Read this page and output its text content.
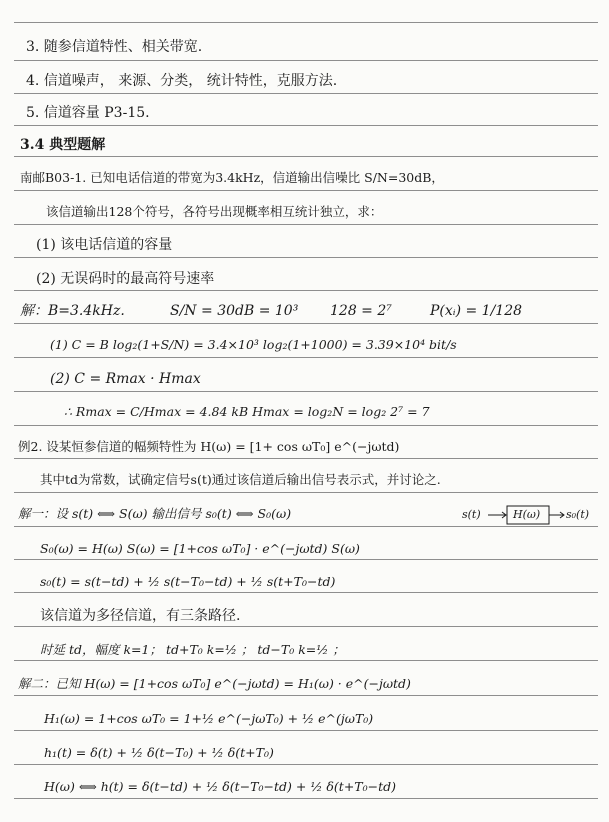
3. 随参信道特性、相关带宽.
4. 信道噪声， 来源、分类， 统计特性，克服方法.
5. 信道容量 P3-15.
3.4 典型题解
南邮B03-1. 已知电话信道的带宽为3.4kHz，信道输出信噪比 S/N=30dB，
该信道输出128个符号，各符号出现概率相互统计独立，求：
(1) 该电话信道的容量
(2) 无误码时的最高符号速率
解：B=3.4kHz.	S/N = 30dB = 10³ 128 = 2⁷	P(xᵢ) = 1/128
(1) C = B log₂(1+S/N) = 3.4×10³ log₂(1+1000) = 3.39×10⁴ bit/s
(2) C = Rmax · Hmax
∴ Rmax = C/Hmax = 4.84 kB Hmax = log₂N = log₂ 2⁷ = 7
例2. 设某恒参信道的幅频特性为 H(ω) = [1+ cos ωT₀] e^(−jωtd)
其中td为常数，试确定信号s(t)通过该信道后输出信号表示式，并讨论之.
解一：设 s(t) ⟺ S(ω) 输出信号 s₀(t) ⟺ S₀(ω)	s(t)	H(ω) s₀(t)
S₀(ω) = H(ω) S(ω) = [1+cos ωT₀] · e^(−jωtd) S(ω)
s₀(t) = s(t−td) + ½ s(t−T₀−td) + ½ s(t+T₀−td)
该信道为多径信道，有三条路径.
时延 td，幅度 k=1； td+T₀ k=½ ； td−T₀ k=½ ；
解二：已知 H(ω) = [1+cos ωT₀] e^(−jωtd) = H₁(ω) · e^(−jωtd)
H₁(ω) = 1+cos ωT₀ = 1+½ e^(−jωT₀) + ½ e^(jωT₀)
h₁(t) = δ(t) + ½ δ(t−T₀) + ½ δ(t+T₀)
H(ω) ⟺ h(t) = δ(t−td) + ½ δ(t−T₀−td) + ½ δ(t+T₀−td)
